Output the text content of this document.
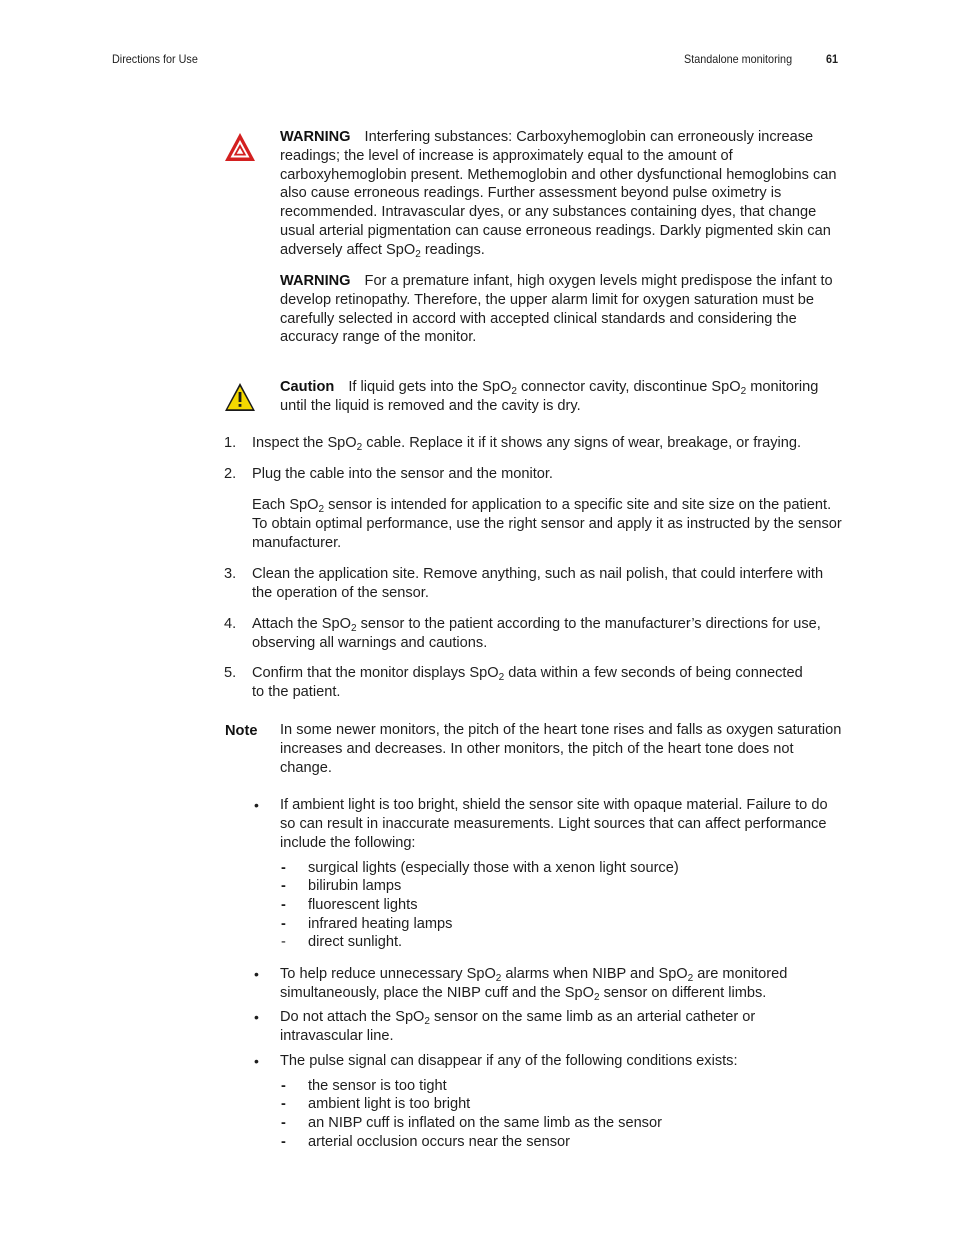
Directions for Use	Standalone monitoring	61
WARNING Interfering substances: Carboxyhemoglobin can erroneously increase readings; the level of increase is approximately equal to the amount of carboxyhemoglobin present. Methemoglobin and other dysfunctional hemoglobins can also cause erroneous readings. Further assessment beyond pulse oximetry is recommended. Intravascular dyes, or any substances containing dyes, that change usual arterial pigmentation can cause erroneous readings. Darkly pigmented skin can adversely affect SpO$_2$ readings.
WARNING For a premature infant, high oxygen levels might predispose the infant to develop retinopathy. Therefore, the upper alarm limit for oxygen saturation must be carefully selected in accord with accepted clinical standards and considering the accuracy range of the monitor.
Caution If liquid gets into the SpO$_2$ connector cavity, discontinue SpO$_2$ monitoring until the liquid is removed and the cavity is dry.
1. Inspect the SpO$_2$ cable. Replace it if it shows any signs of wear, breakage, or fraying.
2. Plug the cable into the sensor and the monitor.
Each SpO$_2$ sensor is intended for application to a specific site and site size on the patient. To obtain optimal performance, use the right sensor and apply it as instructed by the sensor manufacturer.
3. Clean the application site. Remove anything, such as nail polish, that could interfere with the operation of the sensor.
4. Attach the SpO$_2$ sensor to the patient according to the manufacturer’s directions for use, observing all warnings and cautions.
5. Confirm that the monitor displays SpO$_2$ data within a few seconds of being connected to the patient.
Note In some newer monitors, the pitch of the heart tone rises and falls as oxygen saturation increases and decreases. In other monitors, the pitch of the heart tone does not change.
• If ambient light is too bright, shield the sensor site with opaque material. Failure to do so can result in inaccurate measurements. Light sources that can affect performance include the following:
- surgical lights (especially those with a xenon light source)
- bilirubin lamps
- fluorescent lights
- infrared heating lamps
- direct sunlight.
• To help reduce unnecessary SpO$_2$ alarms when NIBP and SpO$_2$ are monitored simultaneously, place the NIBP cuff and the SpO$_2$ sensor on different limbs.
• Do not attach the SpO$_2$ sensor on the same limb as an arterial catheter or intravascular line.
• The pulse signal can disappear if any of the following conditions exists:
- the sensor is too tight
- ambient light is too bright
- an NIBP cuff is inflated on the same limb as the sensor
- arterial occlusion occurs near the sensor
